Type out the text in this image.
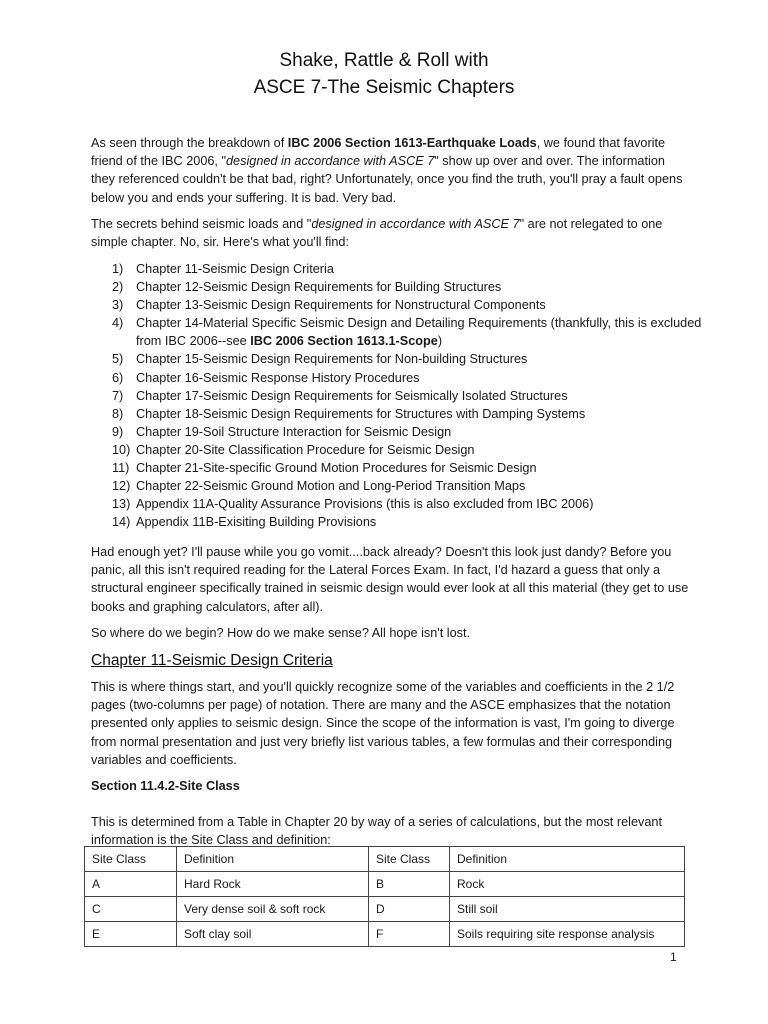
Shake, Rattle & Roll with
ASCE 7-The Seismic Chapters

As seen through the breakdown of IBC 2006 Section 1613-Earthquake Loads, we found that favorite friend of the IBC 2006, "designed in accordance with ASCE 7" show up over and over. The information they referenced couldn't be that bad, right? Unfortunately, once you find the truth, you'll pray a fault opens below you and ends your suffering. It is bad. Very bad.

The secrets behind seismic loads and "designed in accordance with ASCE 7" are not relegated to one simple chapter. No, sir. Here's what you'll find:

1) Chapter 11-Seismic Design Criteria
2) Chapter 12-Seismic Design Requirements for Building Structures
3) Chapter 13-Seismic Design Requirements for Nonstructural Components
4) Chapter 14-Material Specific Seismic Design and Detailing Requirements (thankfully, this is excluded from IBC 2006--see IBC 2006 Section 1613.1-Scope)
5) Chapter 15-Seismic Design Requirements for Non-building Structures
6) Chapter 16-Seismic Response History Procedures
7) Chapter 17-Seismic Design Requirements for Seismically Isolated Structures
8) Chapter 18-Seismic Design Requirements for Structures with Damping Systems
9) Chapter 19-Soil Structure Interaction for Seismic Design
10) Chapter 20-Site Classification Procedure for Seismic Design
11) Chapter 21-Site-specific Ground Motion Procedures for Seismic Design
12) Chapter 22-Seismic Ground Motion and Long-Period Transition Maps
13) Appendix 11A-Quality Assurance Provisions (this is also excluded from IBC 2006)
14) Appendix 11B-Exisiting Building Provisions

Had enough yet? I'll pause while you go vomit....back already? Doesn't this look just dandy? Before you panic, all this isn't required reading for the Lateral Forces Exam. In fact, I'd hazard a guess that only a structural engineer specifically trained in seismic design would ever look at all this material (they get to use books and graphing calculators, after all).

So where do we begin? How do we make sense? All hope isn't lost.

Chapter 11-Seismic Design Criteria

This is where things start, and you'll quickly recognize some of the variables and coefficients in the 2 1/2 pages (two-columns per page) of notation. There are many and the ASCE emphasizes that the notation presented only applies to seismic design. Since the scope of the information is vast, I'm going to diverge from normal presentation and just very briefly list various tables, a few formulas and their corresponding variables and coefficients.

Section 11.4.2-Site Class

This is determined from a Table in Chapter 20 by way of a series of calculations, but the most relevant information is the Site Class and definition:

Site Class	Definition	Site Class	Definition
A	Hard Rock	B	Rock
C	Very dense soil & soft rock	D	Still soil
E	Soft clay soil	F	Soils requiring site response analysis
1
